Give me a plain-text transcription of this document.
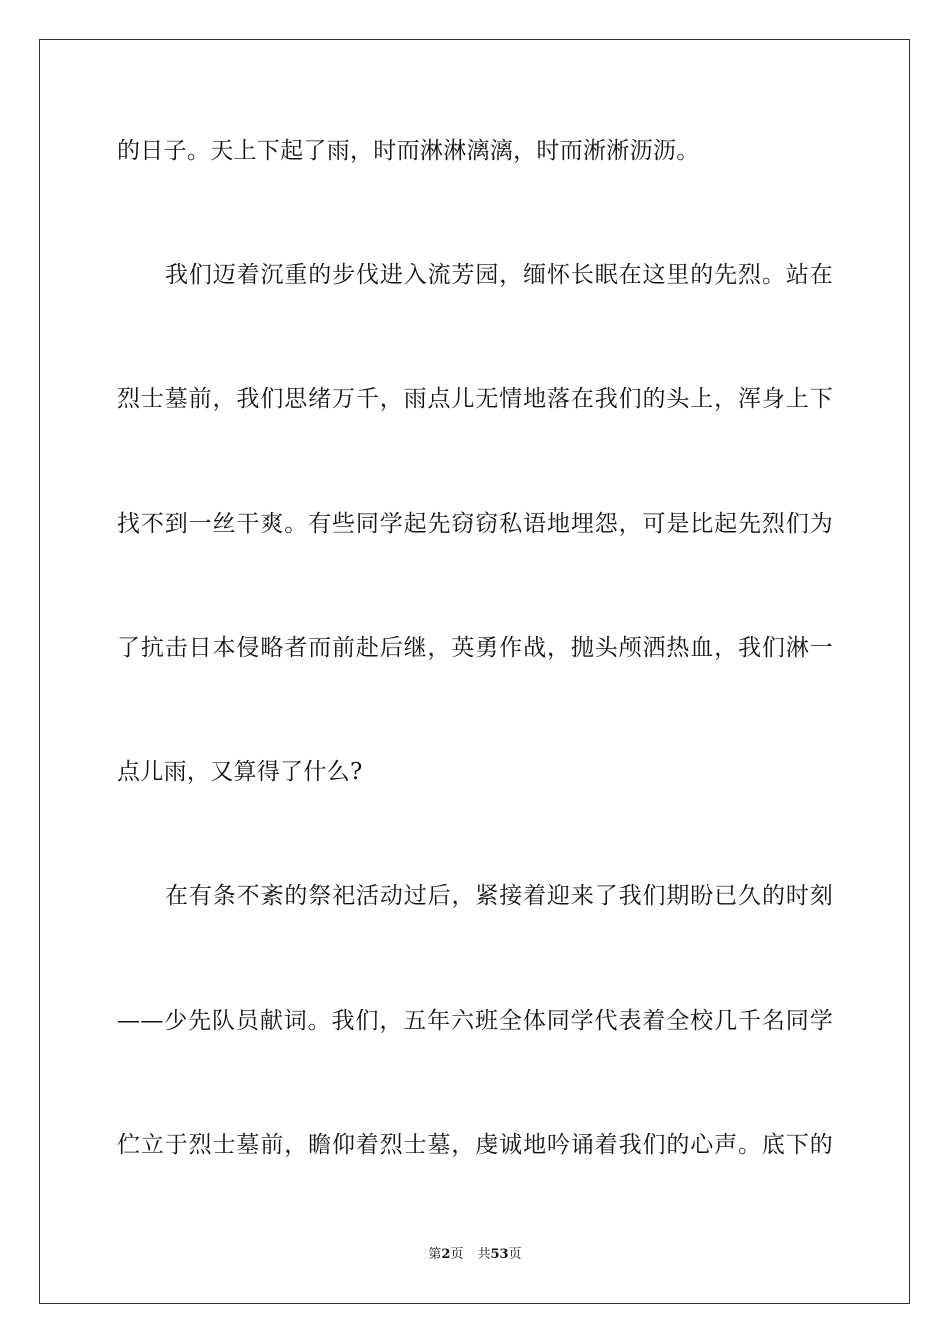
的日子。天上下起了雨，时而淋淋漓漓，时而淅淅沥沥。
我们迈着沉重的步伐进入流芳园，缅怀长眠在这里的先烈。站在
烈士墓前，我们思绪万千，雨点儿无情地落在我们的头上，浑身上下
找不到一丝干爽。有些同学起先窃窃私语地埋怨，可是比起先烈们为
了抗击日本侵略者而前赴后继，英勇作战，抛头颅洒热血，我们淋一
点儿雨，又算得了什么?
在有条不紊的祭祀活动过后，紧接着迎来了我们期盼已久的时刻
——少先队员献词。我们，五年六班全体同学代表着全校几千名同学
伫立于烈士墓前，瞻仰着烈士墓，虔诚地吟诵着我们的心声。底下的
第2页 共53页
